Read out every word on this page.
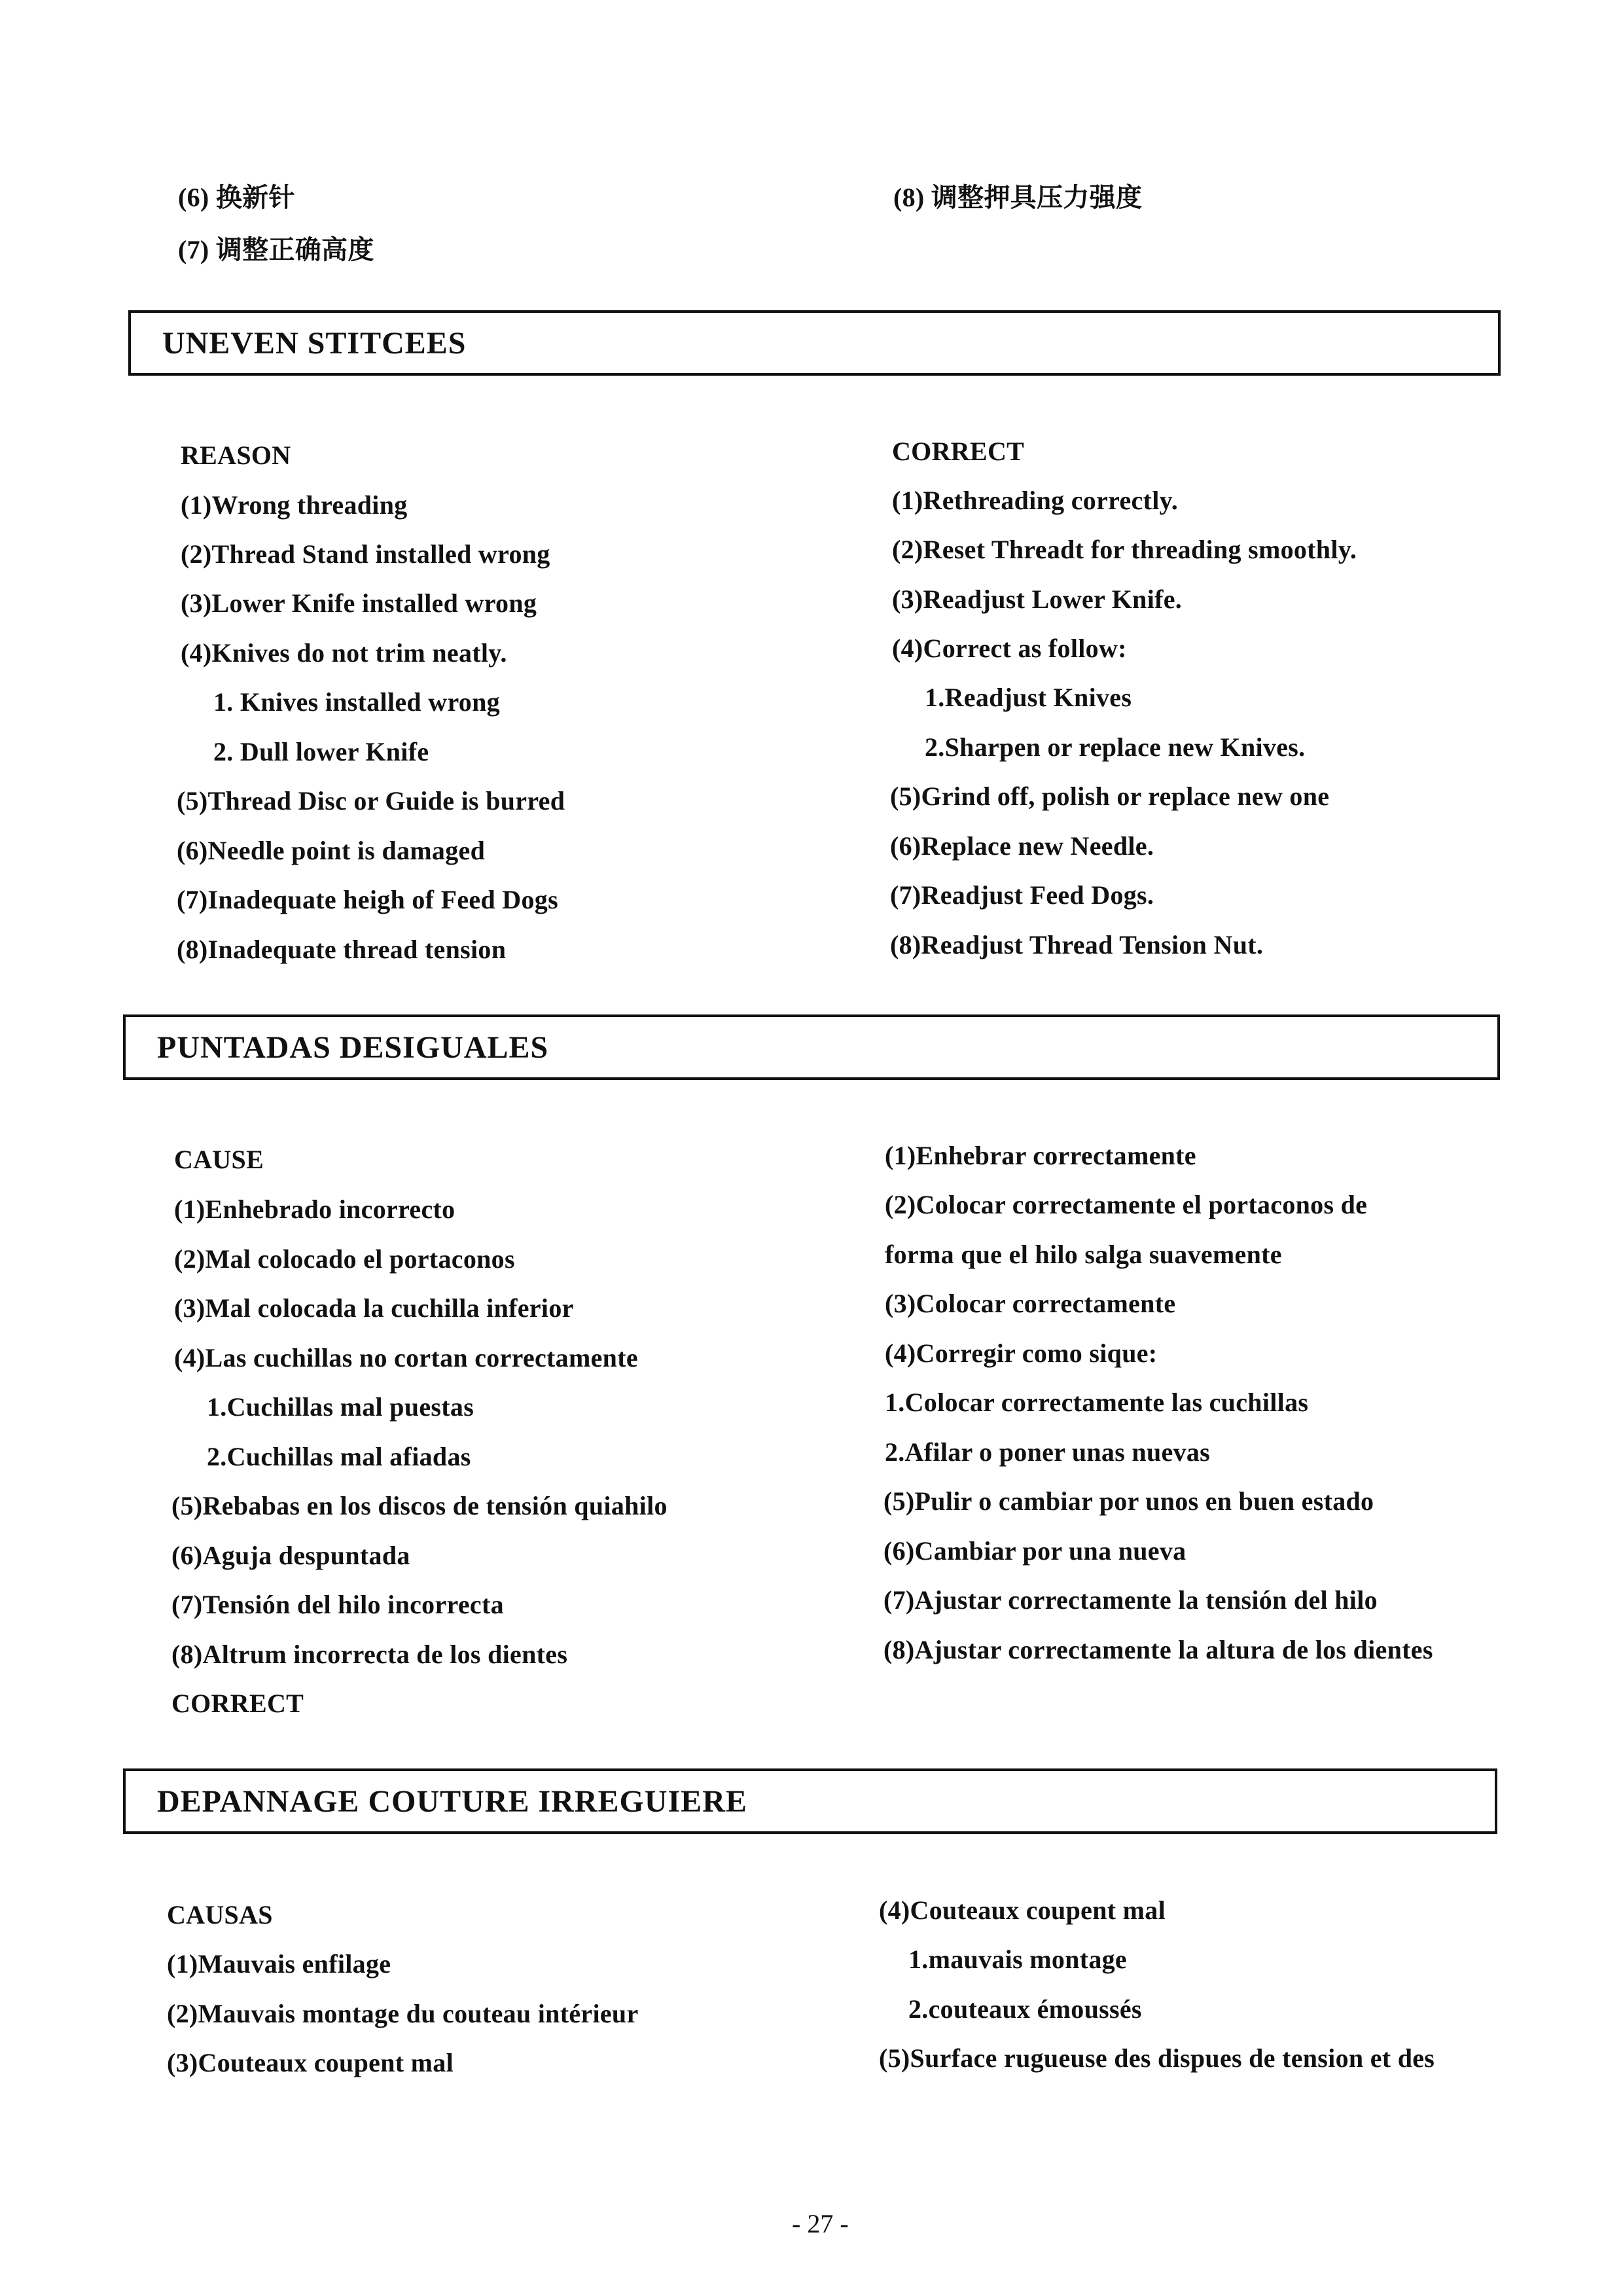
(6) 换新针
(7) 调整正确高度
(8) 调整押具压力强度
UNEVEN STITCEES
REASON
(1)Wrong threading
(2)Thread Stand installed wrong
(3)Lower Knife installed wrong
(4)Knives do not trim neatly.
1. Knives installed wrong
2. Dull lower Knife
(5)Thread Disc or Guide is burred
(6)Needle point is damaged
(7)Inadequate heigh of Feed Dogs
(8)Inadequate thread tension
CORRECT
(1)Rethreading correctly.
(2)Reset Threadt for threading smoothly.
(3)Readjust Lower Knife.
(4)Correct as follow:
1.Readjust Knives
2.Sharpen or replace new Knives.
(5)Grind off, polish or replace new one
(6)Replace new Needle.
(7)Readjust Feed Dogs.
(8)Readjust Thread Tension Nut.
PUNTADAS DESIGUALES
CAUSE
(1)Enhebrado incorrecto
(2)Mal colocado el portaconos
(3)Mal colocada la cuchilla inferior
(4)Las cuchillas no cortan correctamente
1.Cuchillas mal puestas
2.Cuchillas mal afiadas
(5)Rebabas en los discos de tensión quiahilo
(6)Aguja despuntada
(7)Tensión del hilo incorrecta
(8)Altrum incorrecta de los dientes
CORRECT
(1)Enhebrar correctamente
(2)Colocar correctamente el portaconos de
forma que el hilo salga suavemente
(3)Colocar correctamente
(4)Corregir como sique:
1.Colocar correctamente las cuchillas
2.Afilar o poner unas nuevas
(5)Pulir o cambiar por unos en buen estado
(6)Cambiar por una nueva
(7)Ajustar correctamente la tensión del hilo
(8)Ajustar correctamente la altura de los dientes
DEPANNAGE COUTURE IRREGUIERE
CAUSAS
(1)Mauvais enfilage
(2)Mauvais montage du couteau intérieur
(3)Couteaux coupent mal
(4)Couteaux coupent mal
1.mauvais montage
2.couteaux émoussés
(5)Surface rugueuse des dispues de tension et des
- 27 -
